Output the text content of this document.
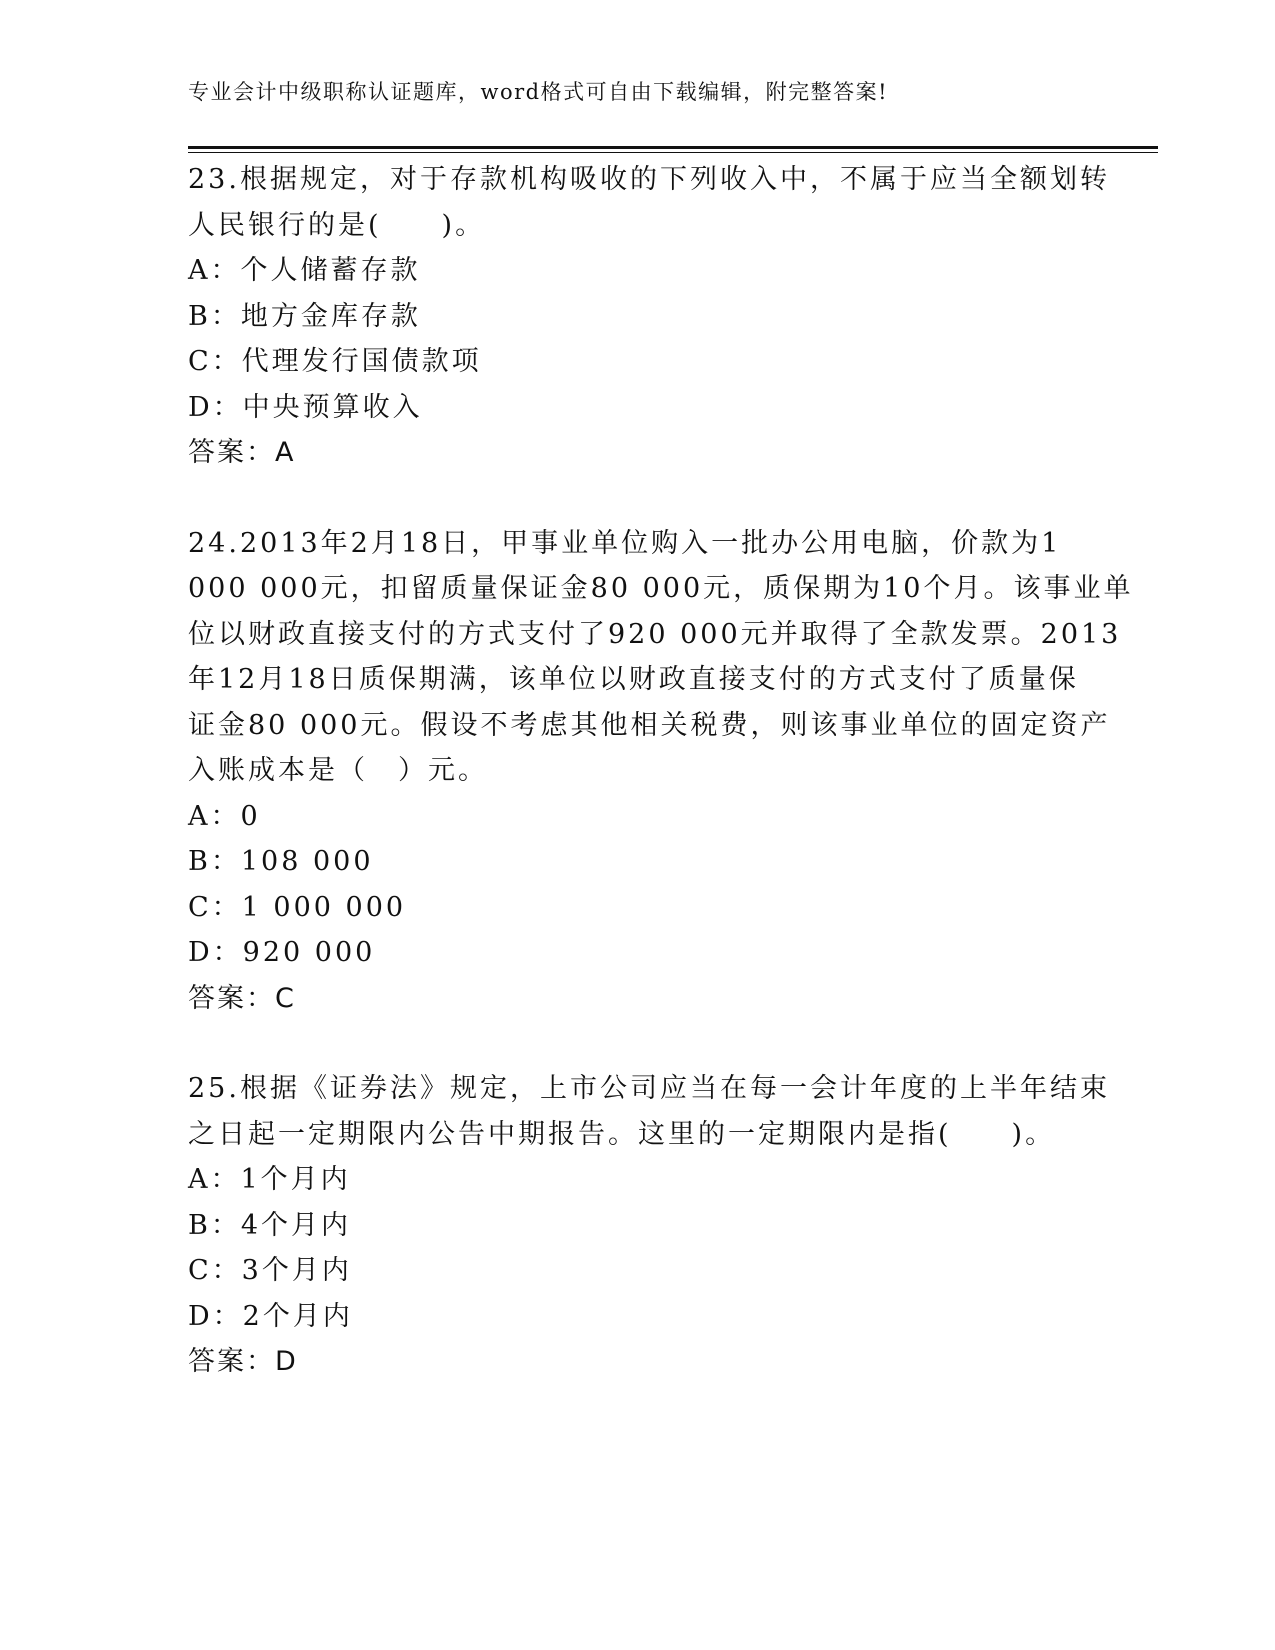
专业会计中级职称认证题库，word格式可自由下载编辑，附完整答案!
23.根据规定，对于存款机构吸收的下列收入中，不属于应当全额划转
人民银行的是(　　)。
A：个人储蓄存款
B：地方金库存款
C：代理发行国债款项
D：中央预算收入
答案：A
24.2013年2月18日，甲事业单位购入一批办公用电脑，价款为1
000 000元，扣留质量保证金80 000元，质保期为10个月。该事业单
位以财政直接支付的方式支付了920 000元并取得了全款发票。2013
年12月18日质保期满，该单位以财政直接支付的方式支付了质量保
证金80 000元。假设不考虑其他相关税费，则该事业单位的固定资产
入账成本是（　）元。
A：0
B：108 000
C：1 000 000
D：920 000
答案：C
25.根据《证券法》规定，上市公司应当在每一会计年度的上半年结束
之日起一定期限内公告中期报告。这里的一定期限内是指(　　)。
A：1个月内
B：4个月内
C：3个月内
D：2个月内
答案：D
